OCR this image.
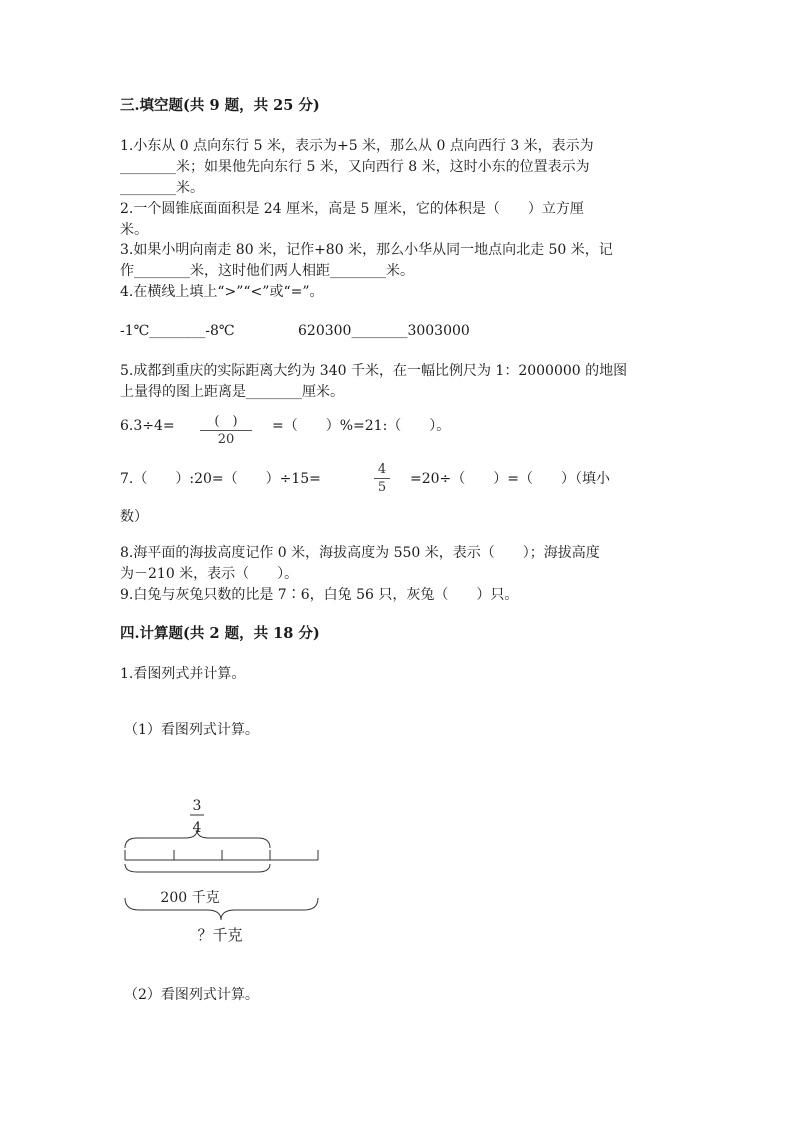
三.填空题(共 9 题，共 25 分)
1.小东从 0 点向东行 5 米，表示为+5 米，那么从 0 点向西行 3 米，表示为
________米；如果他先向东行 5 米，又向西行 8 米，这时小东的位置表示为
________米。
2.一个圆锥底面面积是 24 厘米，高是 5 厘米，它的体积是（　　）立方厘
米。
3.如果小明向南走 80 米，记作+80 米，那么小华从同一地点向北走 50 米，记
作________米，这时他们两人相距________米。
4.在横线上填上“>”“<”或“=”。
-1℃________-8℃	620300________3003000
5.成都到重庆的实际距离大约为 340 千米，在一幅比例尺为 1：2000000 的地图
上量得的图上距离是________厘米。
6.3÷4=	(　)
20
=（　　）%=21:（　　）。
7.（　　）:20=（　　）÷15=
4
5
=20÷（　　）=（　　）（填小
数）
8.海平面的海拔高度记作 0 米，海拔高度为 550 米，表示（　　）；海拔高度
为－210 米，表示（　　）。
9.白兔与灰兔只数的比是 7∶6，白兔 56 只，灰兔（　　）只。
四.计算题(共 2 题，共 18 分)
1.看图列式并计算。
（1）看图列式计算。
3
4
200 千克
？千克
（2）看图列式计算。
